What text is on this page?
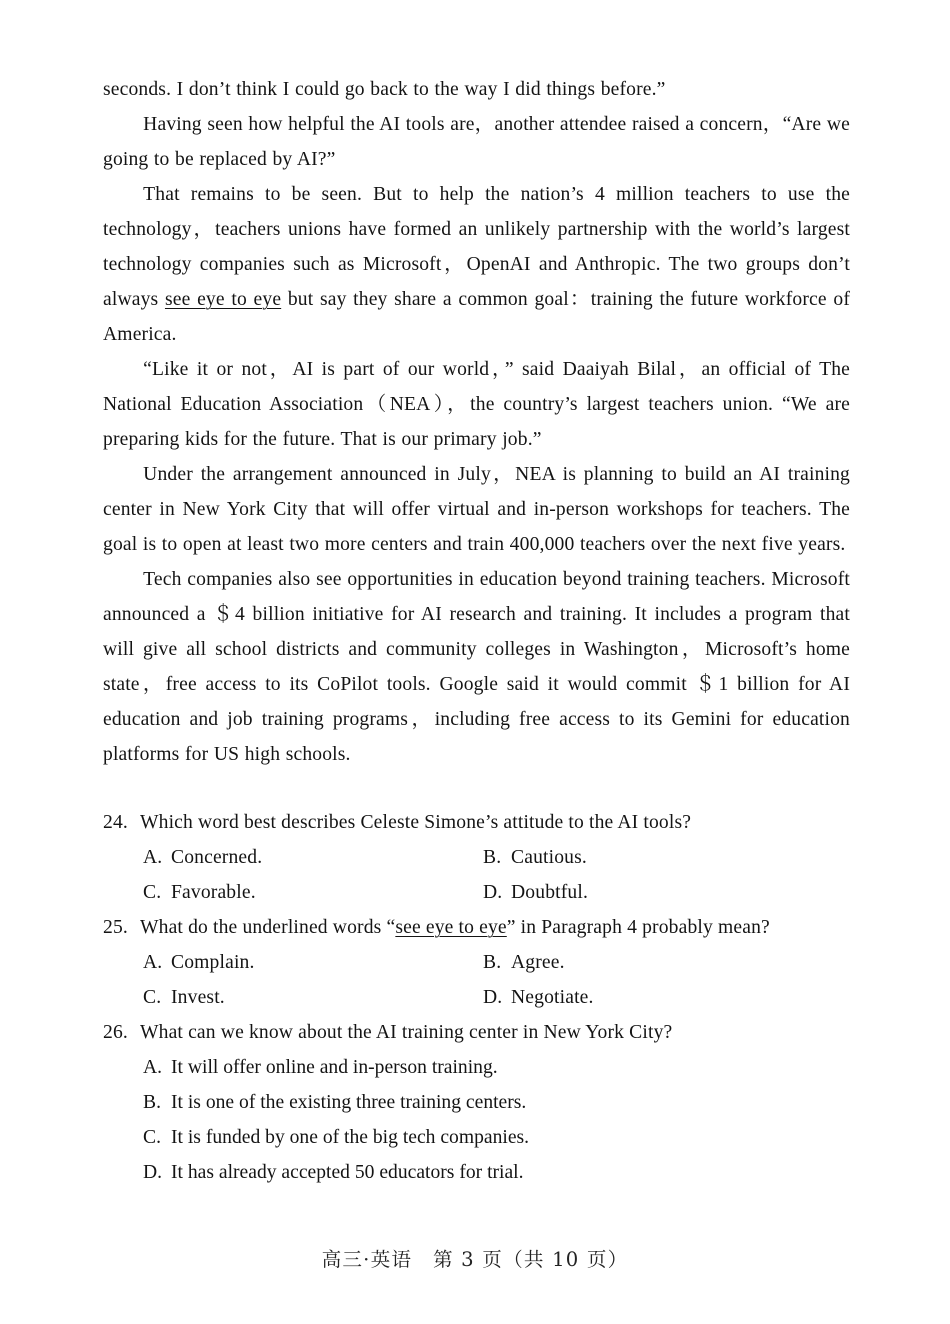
seconds. I don’t think I could go back to the way I did things before.”

Having seen how helpful the AI tools are，another attendee raised a concern，“Are we going to be replaced by AI?”

That remains to be seen. But to help the nation’s 4 million teachers to use the technology，teachers unions have formed an unlikely partnership with the world’s largest technology companies such as Microsoft，OpenAI and Anthropic. The two groups don’t always see eye to eye but say they share a common goal：training the future workforce of America.

“Like it or not，AI is part of our world，” said Daaiyah Bilal，an official of The National Education Association（NEA），the country’s largest teachers union. “We are preparing kids for the future. That is our primary job.”

Under the arrangement announced in July，NEA is planning to build an AI training center in New York City that will offer virtual and in-person workshops for teachers. The goal is to open at least two more centers and train 400,000 teachers over the next five years.

Tech companies also see opportunities in education beyond training teachers. Microsoft announced a ＄4 billion initiative for AI research and training. It includes a program that will give all school districts and community colleges in Washington，Microsoft’s home state，free access to its CoPilot tools. Google said it would commit ＄1 billion for AI education and job training programs，including free access to its Gemini for education platforms for US high schools.

24. Which word best describes Celeste Simone’s attitude to the AI tools?

A. Concerned.	B. Cautious.
C. Favorable.	D. Doubtful.

25. What do the underlined words “see eye to eye” in Paragraph 4 probably mean?

A. Complain.	B. Agree.
C. Invest.	D. Negotiate.

26. What can we know about the AI training center in New York City?

A. It will offer online and in-person training.
B. It is one of the existing three training centers.
C. It is funded by one of the big tech companies.
D. It has already accepted 50 educators for trial.
高三·英语　第 3 页（共 10 页）
